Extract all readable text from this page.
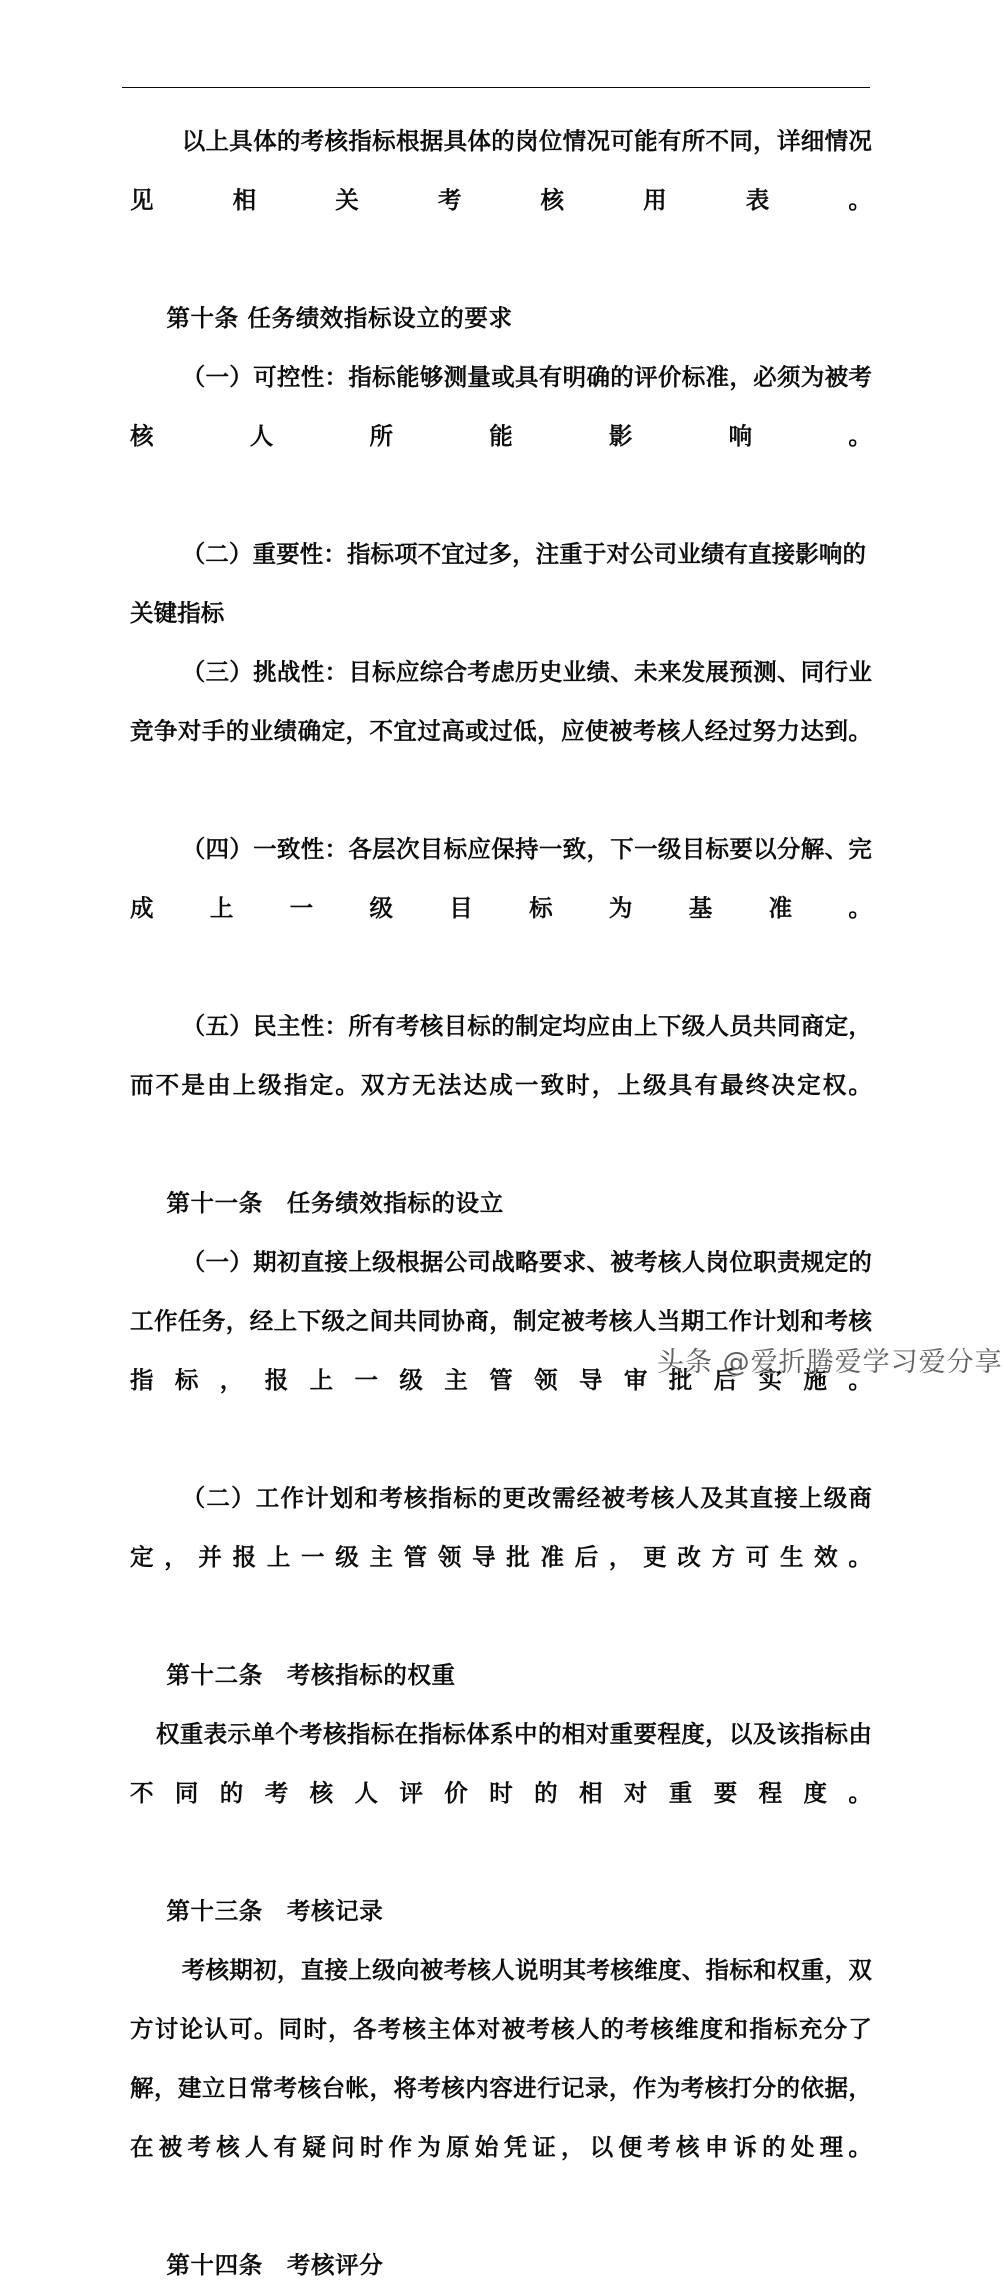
以上具体的考核指标根据具体的岗位情况可能有所不同，详细情况见相关考核用表。

第十条 任务绩效指标设立的要求

（一）可控性：指标能够测量或具有明确的评价标准，必须为被考核人所能影响。

（二）重要性：指标项不宜过多，注重于对公司业绩有直接影响的关键指标

（三）挑战性：目标应综合考虑历史业绩、未来发展预测、同行业竞争对手的业绩确定，不宜过高或过低，应使被考核人经过努力达到。

（四）一致性：各层次目标应保持一致，下一级目标要以分解、完成上一级目标为基准。

（五）民主性：所有考核目标的制定均应由上下级人员共同商定，而不是由上级指定。双方无法达成一致时，上级具有最终决定权。

第十一条　任务绩效指标的设立

（一）期初直接上级根据公司战略要求、被考核人岗位职责规定的工作任务，经上下级之间共同协商，制定被考核人当期工作计划和考核指标，报上一级主管领导审批后实施。

（二）工作计划和考核指标的更改需经被考核人及其直接上级商定，并报上一级主管领导批准后，更改方可生效。

第十二条　考核指标的权重

权重表示单个考核指标在指标体系中的相对重要程度，以及该指标由不同的考核人评价时的相对重要程度。

第十三条　考核记录

考核期初，直接上级向被考核人说明其考核维度、指标和权重，双方讨论认可。同时，各考核主体对被考核人的考核维度和指标充分了解，建立日常考核台帐，将考核内容进行记录，作为考核打分的依据，在被考核人有疑问时作为原始凭证，以便考核申诉的处理。

第十四条　考核评分

头条 @爱折腾爱学习爱分享
